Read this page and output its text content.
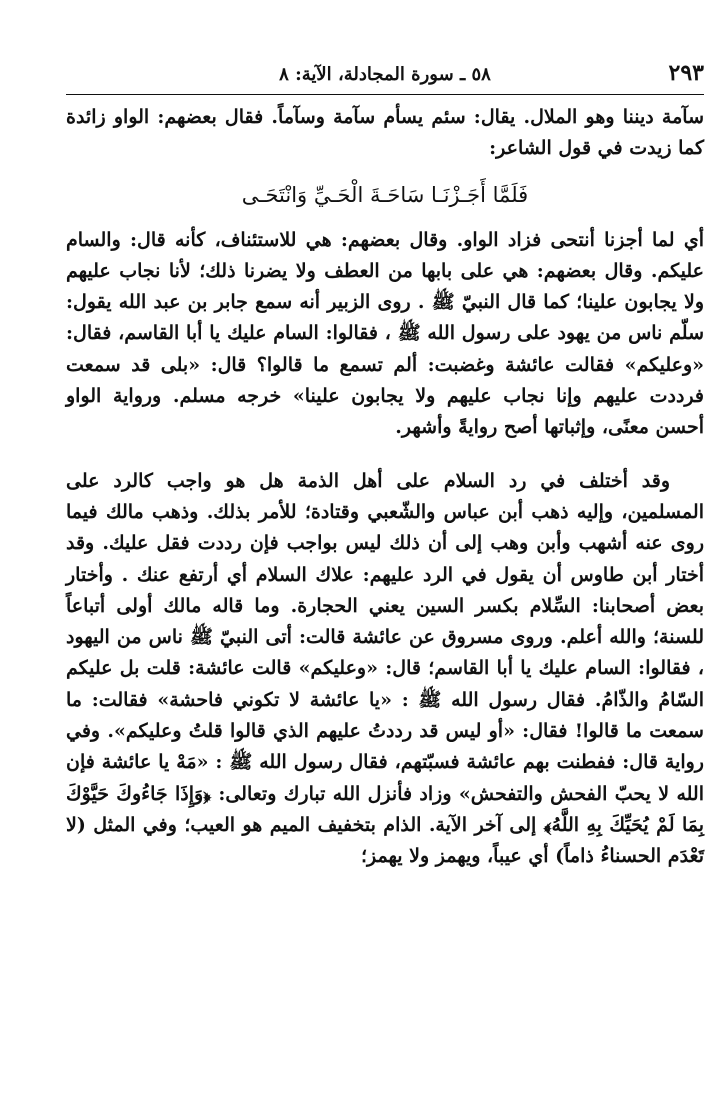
٢٩٣
٥٨ ـ سورة المجادلة، الآية: ٨

سآمة ديننا وهو الملال. يقال: سئم يسأم سآمة وسآماً. فقال بعضهم: الواو زائدة كما زيدت في قول الشاعر:

فَلَمَّا أَجَـزْنَـا سَاحَـةَ الْحَـيِّ وَانْتَحَـى

أي لما أجزنا أنتحى فزاد الواو. وقال بعضهم: هي للاستئناف، كأنه قال: والسام عليكم. وقال بعضهم: هي على بابها من العطف ولا يضرنا ذلك؛ لأنا نجاب عليهم ولا يجابون علينا؛ كما قال النبيّ ﷺ . روى الزبير أنه سمع جابر بن عبد الله يقول: سلّم ناس من يهود على رسول الله ﷺ ، فقالوا: السام عليك يا أبا القاسم، فقال: «وعليكم» فقالت عائشة وغضبت: ألم تسمع ما قالوا؟ قال: «بلى قد سمعت فرددت عليهم وإنا نجاب عليهم ولا يجابون علينا» خرجه مسلم. ورواية الواو أحسن معنًى، وإثباتها أصح روايةً وأشهر.

وقد أختلف في رد السلام على أهل الذمة هل هو واجب كالرد على المسلمين، وإليه ذهب أبن عباس والشّعبي وقتادة؛ للأمر بذلك. وذهب مالك فيما روى عنه أشهب وأبن وهب إلى أن ذلك ليس بواجب فإن رددت فقل عليك. وقد أختار أبن طاوس أن يقول في الرد عليهم: علاك السلام أي أرتفع عنك . وأختار بعض أصحابنا: السِّلام بكسر السين يعني الحجارة. وما قاله مالك أولى أتباعاً للسنة؛ والله أعلم. وروى مسروق عن عائشة قالت: أتى النبيّ ﷺ ناس من اليهود ، فقالوا: السام عليك يا أبا القاسم؛ قال: «وعليكم» قالت عائشة: قلت بل عليكم السّامُ والذّامُ. فقال رسول الله ﷺ : «يا عائشة لا تكوني فاحشة» فقالت: ما سمعت ما قالوا! فقال: «أو ليس قد رددتُ عليهم الذي قالوا قلتُ وعليكم». وفي رواية قال: ففطنت بهم عائشة فسبّتهم، فقال رسول الله ﷺ : «مَهْ يا عائشة فإن الله لا يحبّ الفحش والتفحش» وزاد فأنزل الله تبارك وتعالى: ﴿وَإِذَا جَاءُوكَ حَيَّوْكَ بِمَا لَمْ يُحَيِّكَ بِهِ اللَّهُ﴾ إلى آخر الآية. الذام بتخفيف الميم هو العيب؛ وفي المثل (لا تَعْدَم الحسناءُ ذاماً) أي عيباً، ويهمز ولا يهمز؛
